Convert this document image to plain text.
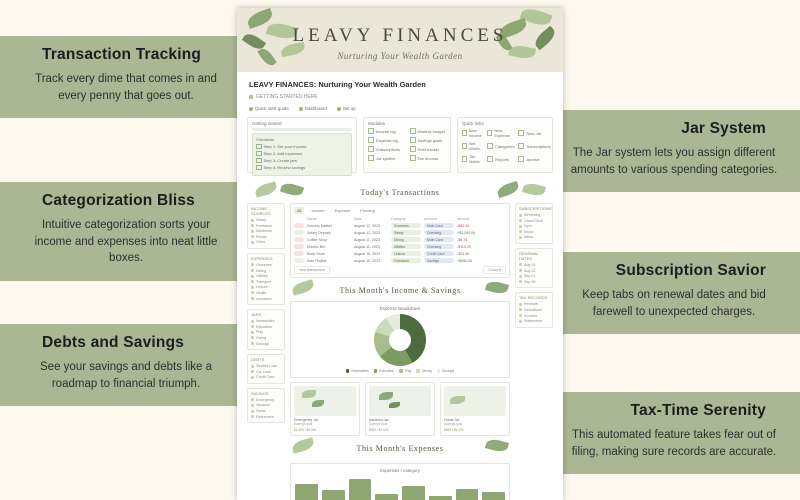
Transaction Tracking

Track every dime that comes in and every penny that goes out.

Categorization Bliss

Intuitive categorization sorts your income and expenses into neat little boxes.

Debts and Savings

See your savings and debts like a roadmap to financial triumph.

Jar System

The Jar system lets you assign different amounts to various spending categories.

Subscription Savior

Keep tabs on renewal dates and bid farewell to unexpected charges.

Tax-Time Serenity

This automated feature takes fear out of filing, making sure records are accurate.

LEAVY FINANCES
Nurturing Your Wealth Garden
LEAVY FINANCES: Nurturing Your Wealth Garden
GETTING STARTED HERE
Quick start guide	Dashboard	Set up
Getting started
Checklists
Step 1: Set your Income
Step 2: Add expenses
Step 3: Create jars
Step 4: Review savings
Modules
Income log	Monthly budget
Expense log	Savings goals
Subscriptions	Debt tracker
Jar system	Tax records
Quick links
New Income
New Expense	New Jar
Net Worth	Categories	Subscriptions
Tax Notes	Reports	Archive
Today's Transactions
INCOME SOURCES
Salary
Freelance
Dividends
Rental
Other
EXPENSES
Groceries
Dining
Utilities
Transport
Leisure
Health
Insurance
JARS
Necessities
Education
Play
Giving
Savings
DEBTS
Student Loan
Car Loan
Credit Card
SAVINGS
Emergency
Vacation
Home
Retirement
All	Income	Expense	Pending
Name	Date	Category	Account	Amount

Grocery Market	August 12, 2023	Groceries	Main Card	-$82.40

Salary Deposit	August 12, 2023	Salary	Checking	+$3,200.00

Coffee Shop	August 11, 2023	Dining	Main Card	-$6.75

Electric Bill	August 11, 2023	Utilities	Checking	-$110.20

Book Store	August 10, 2023	Leisure	Credit Card	-$24.00

Side Project	August 10, 2023	Freelance	Savings	+$450.00
New transaction	Count 6
This Month's Income & Savings
Expense Breakdown
Necessities	Education	Play	Giving	Savings
Emergency Jar
Savings goal
$1,200 / $3,000
Vacation Jar
Savings goal
$640 / $2,000
Home Jar
Savings goal
$980 / $5,000
This Month's Expenses
Expenses / category
SUBSCRIPTIONS
Streaming
Cloud Drive
Gym
Music
News
RENEWAL DATES
Aug 18
Aug 22
Sep 01
Sep 09
TAX RECORDS
Receipts
Deductions
Invoices
Statements
